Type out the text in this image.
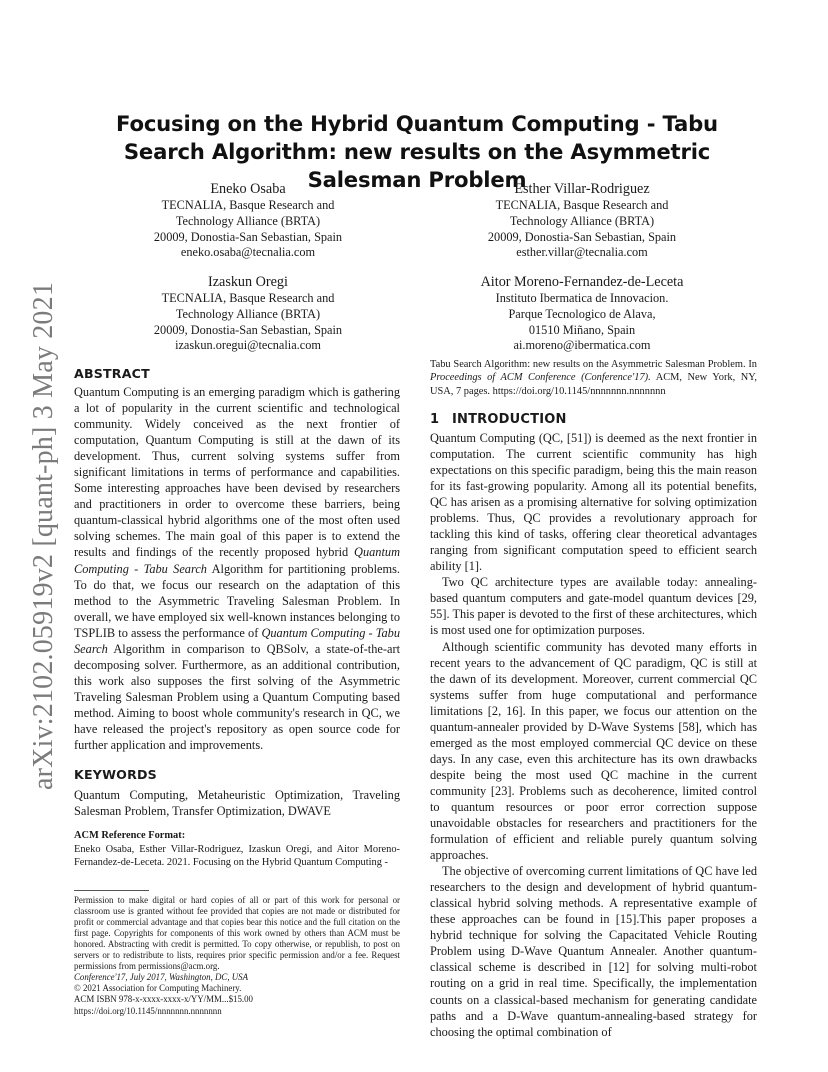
arXiv:2102.05919v2 [quant-ph] 3 May 2021
Focusing on the Hybrid Quantum Computing - Tabu Search Algorithm: new results on the Asymmetric Salesman Problem
Eneko Osaba
TECNALIA, Basque Research and
Technology Alliance (BRTA)
20009, Donostia-San Sebastian, Spain
eneko.osaba@tecnalia.com
Esther Villar-Rodriguez
TECNALIA, Basque Research and
Technology Alliance (BRTA)
20009, Donostia-San Sebastian, Spain
esther.villar@tecnalia.com
Izaskun Oregi
TECNALIA, Basque Research and
Technology Alliance (BRTA)
20009, Donostia-San Sebastian, Spain
izaskun.oregui@tecnalia.com
Aitor Moreno-Fernandez-de-Leceta
Instituto Ibermatica de Innovacion.
Parque Tecnologico de Alava,
01510 Miñano, Spain
ai.moreno@ibermatica.com
ABSTRACT

Quantum Computing is an emerging paradigm which is gathering a lot of popularity in the current scientific and technological community. Widely conceived as the next frontier of computation, Quantum Computing is still at the dawn of its development. Thus, current solving systems suffer from significant limitations in terms of performance and capabilities. Some interesting approaches have been devised by researchers and practitioners in order to overcome these barriers, being quantum-classical hybrid algorithms one of the most often used solving schemes. The main goal of this paper is to extend the results and findings of the recently proposed hybrid Quantum Computing - Tabu Search Algorithm for partitioning problems. To do that, we focus our research on the adaptation of this method to the Asymmetric Traveling Salesman Problem. In overall, we have employed six well-known instances belonging to TSPLIB to assess the performance of Quantum Computing - Tabu Search Algorithm in comparison to QBSolv, a state-of-the-art decomposing solver. Furthermore, as an additional contribution, this work also supposes the first solving of the Asymmetric Traveling Salesman Problem using a Quantum Computing based method. Aiming to boost whole community's research in QC, we have released the project's repository as open source code for further application and improvements.

KEYWORDS

Quantum Computing, Metaheuristic Optimization, Traveling Salesman Problem, Transfer Optimization, DWAVE

ACM Reference Format:

Eneko Osaba, Esther Villar-Rodriguez, Izaskun Oregi, and Aitor Moreno-Fernandez-de-Leceta. 2021. Focusing on the Hybrid Quantum Computing -

Permission to make digital or hard copies of all or part of this work for personal or classroom use is granted without fee provided that copies are not made or distributed for profit or commercial advantage and that copies bear this notice and the full citation on the first page. Copyrights for components of this work owned by others than ACM must be honored. Abstracting with credit is permitted. To copy otherwise, or republish, to post on servers or to redistribute to lists, requires prior specific permission and/or a fee. Request permissions from permissions@acm.org.

Conference'17, July 2017, Washington, DC, USA

© 2021 Association for Computing Machinery.

ACM ISBN 978-x-xxxx-xxxx-x/YY/MM...$15.00

https://doi.org/10.1145/nnnnnnn.nnnnnnn

Tabu Search Algorithm: new results on the Asymmetric Salesman Problem. In Proceedings of ACM Conference (Conference'17). ACM, New York, NY, USA, 7 pages. https://doi.org/10.1145/nnnnnnn.nnnnnnn

1 INTRODUCTION

Quantum Computing (QC, [51]) is deemed as the next frontier in computation. The current scientific community has high expectations on this specific paradigm, being this the main reason for its fast-growing popularity. Among all its potential benefits, QC has arisen as a promising alternative for solving optimization problems. Thus, QC provides a revolutionary approach for tackling this kind of tasks, offering clear theoretical advantages ranging from significant computation speed to efficient search ability [1].

Two QC architecture types are available today: annealing-based quantum computers and gate-model quantum devices [29, 55]. This paper is devoted to the first of these architectures, which is most used one for optimization purposes.

Although scientific community has devoted many efforts in recent years to the advancement of QC paradigm, QC is still at the dawn of its development. Moreover, current commercial QC systems suffer from huge computational and performance limitations [2, 16]. In this paper, we focus our attention on the quantum-annealer provided by D-Wave Systems [58], which has emerged as the most employed commercial QC device on these days. In any case, even this architecture has its own drawbacks despite being the most used QC machine in the current community [23]. Problems such as decoherence, limited control to quantum resources or poor error correction suppose unavoidable obstacles for researchers and practitioners for the formulation of efficient and reliable purely quantum solving approaches.

The objective of overcoming current limitations of QC have led researchers to the design and development of hybrid quantum-classical hybrid solving methods. A representative example of these approaches can be found in [15].This paper proposes a hybrid technique for solving the Capacitated Vehicle Routing Problem using D-Wave Quantum Annealer. Another quantum-classical scheme is described in [12] for solving multi-robot routing on a grid in real time. Specifically, the implementation counts on a classical-based mechanism for generating candidate paths and a D-Wave quantum-annealing-based strategy for choosing the optimal combination of
